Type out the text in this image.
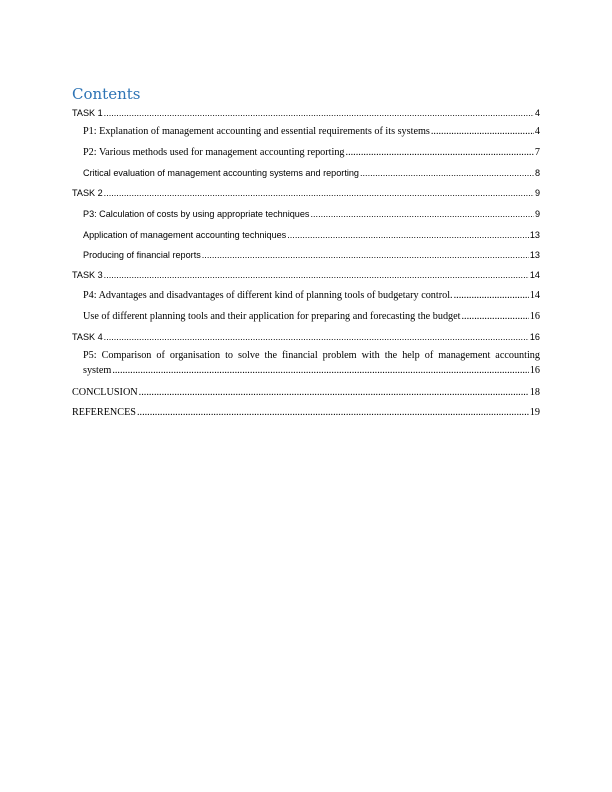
Contents
TASK 1 .....	4
P1: Explanation of management accounting and essential requirements of its systems .....	4
P2: Various methods used for management accounting reporting .....	7
Critical evaluation of management accounting systems and reporting .....	8
TASK 2 .....	9
P3: Calculation of costs by using appropriate techniques .....	9
Application of management accounting techniques .....	13
Producing of financial reports .....	13
TASK 3 .....	14
P4: Advantages and disadvantages of different kind of planning tools of budgetary control. .....	14
Use of different planning tools and their application for preparing and forecasting the budget .....	16
TASK 4 .....	16
P5: Comparison of organisation to solve the financial problem with the help of management accounting
system .....	16
CONCLUSION .....	18
REFERENCES .....	19
